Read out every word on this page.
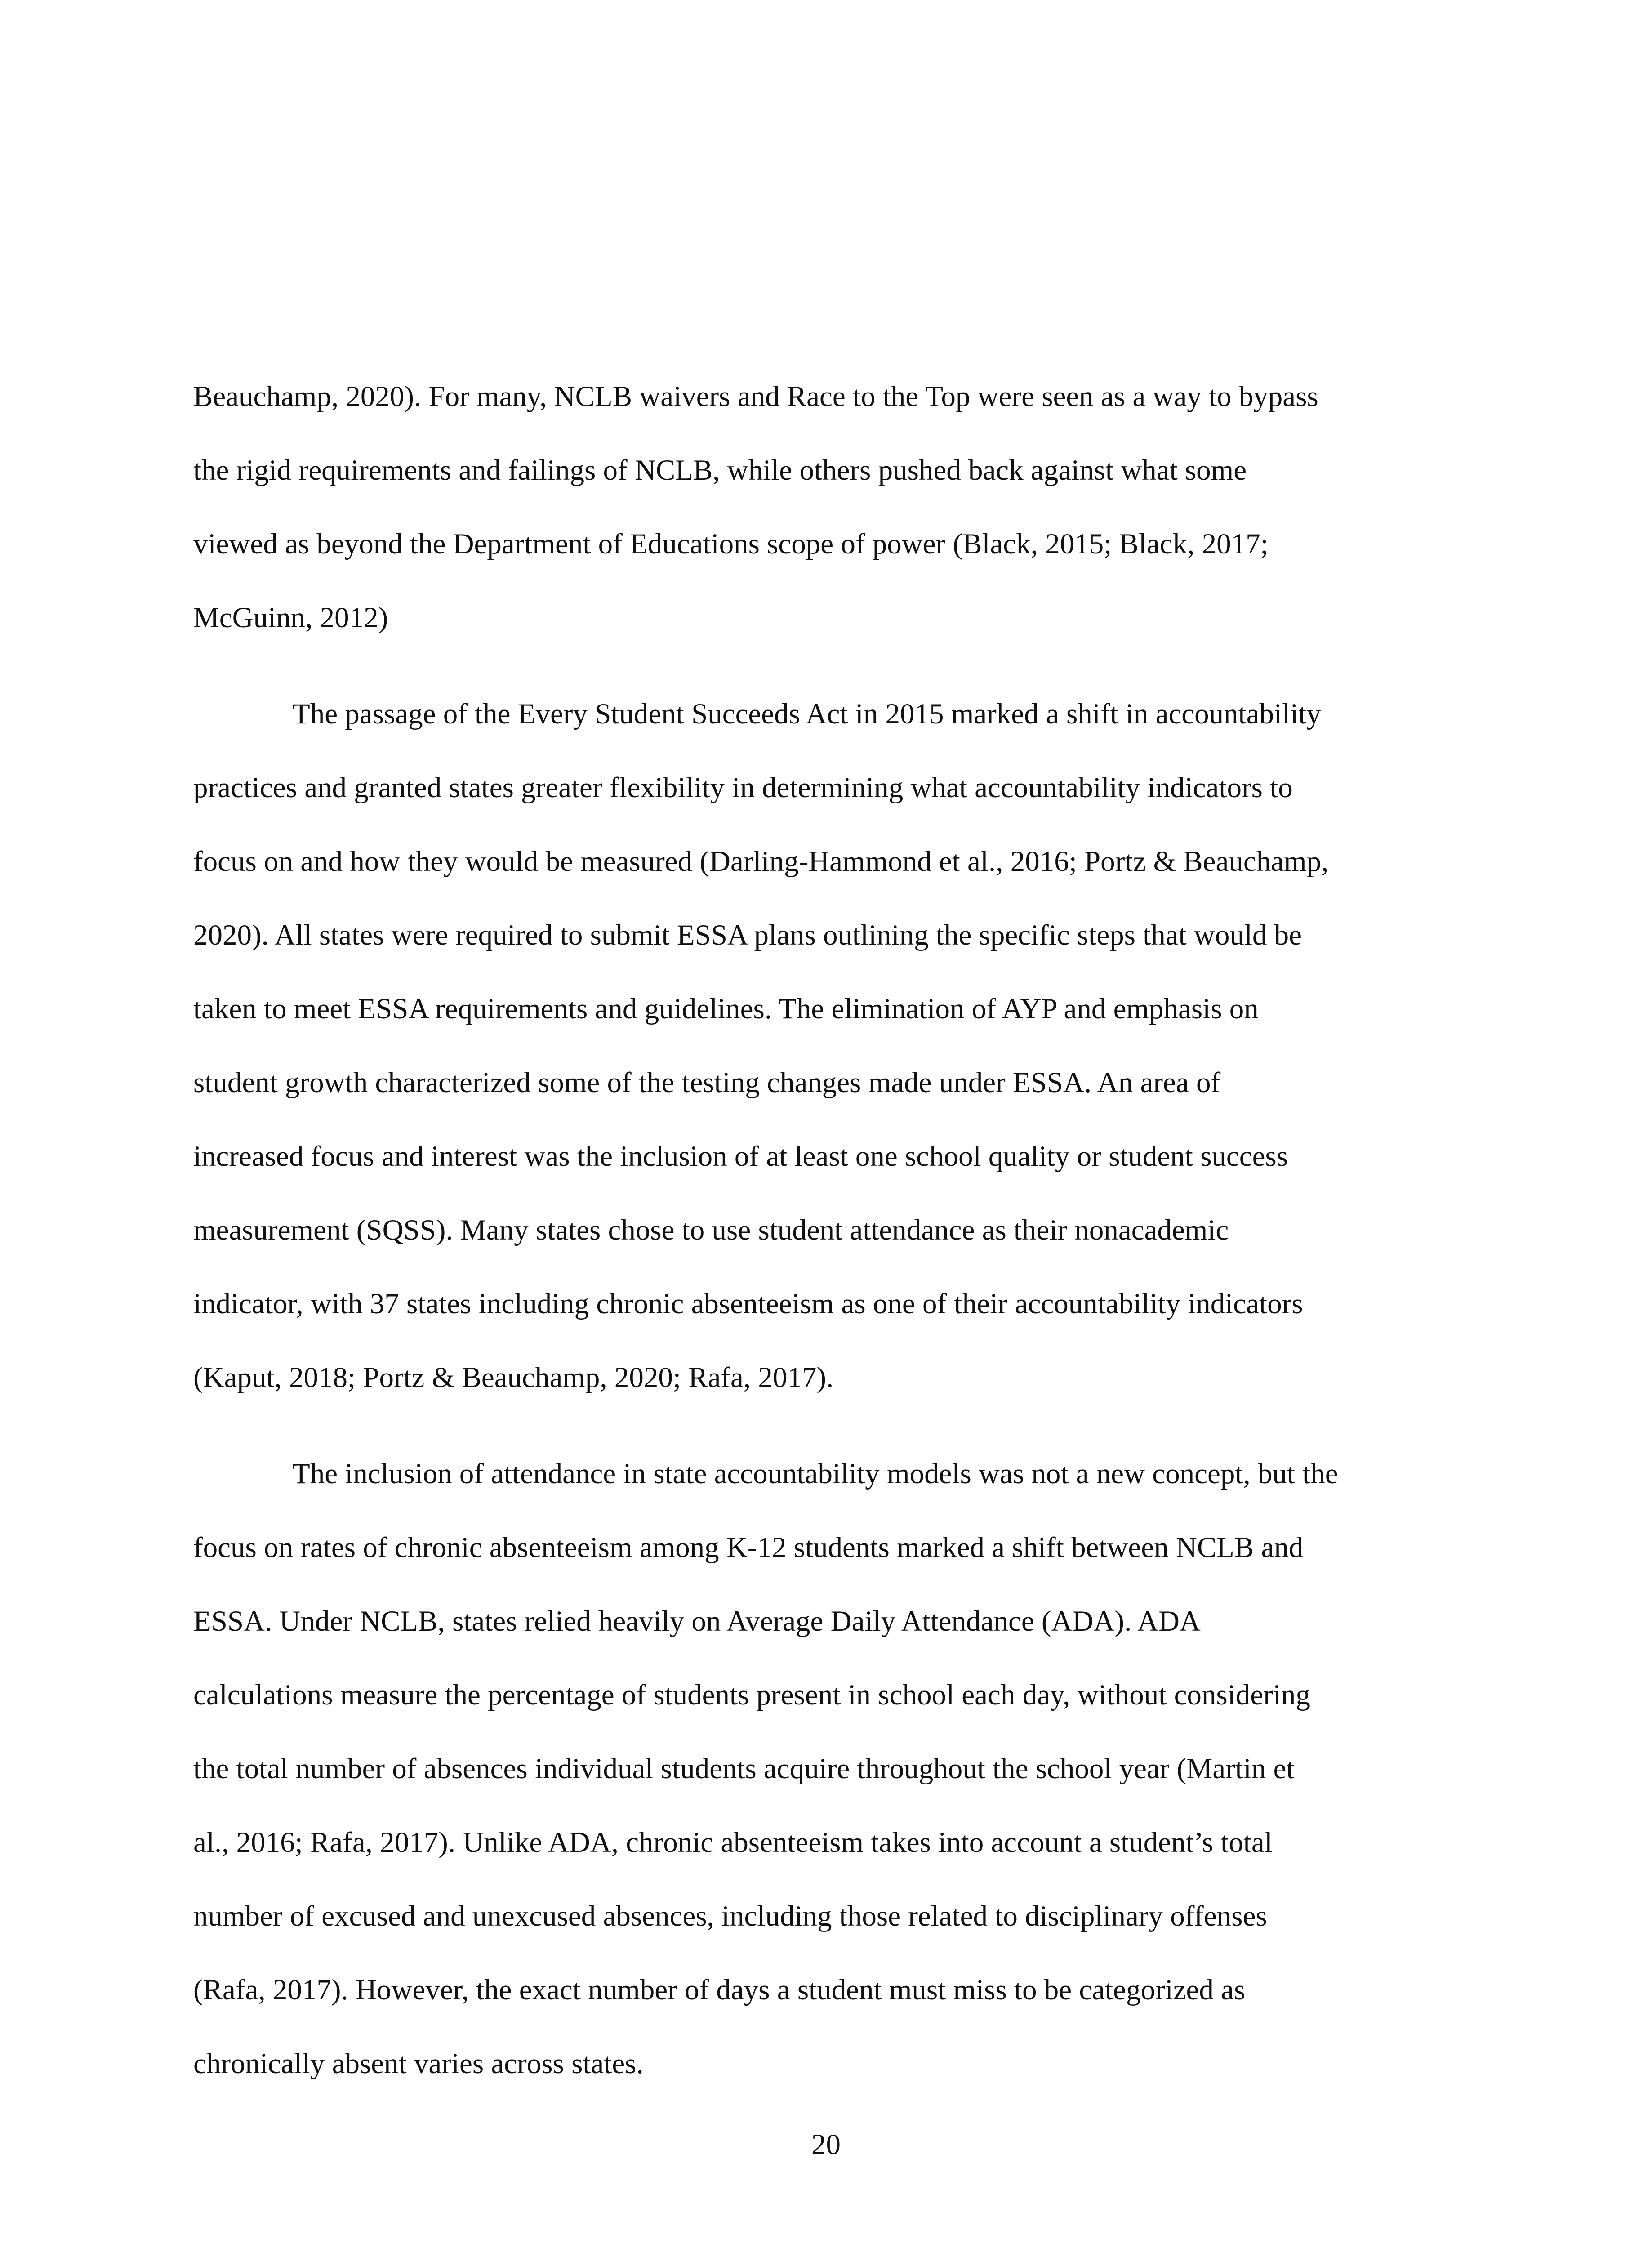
Beauchamp, 2020). For many, NCLB waivers and Race to the Top were seen as a way to bypass
the rigid requirements and failings of NCLB, while others pushed back against what some
viewed as beyond the Department of Educations scope of power (Black, 2015; Black, 2017;
McGuinn, 2012)
The passage of the Every Student Succeeds Act in 2015 marked a shift in accountability
practices and granted states greater flexibility in determining what accountability indicators to
focus on and how they would be measured (Darling-Hammond et al., 2016; Portz & Beauchamp,
2020). All states were required to submit ESSA plans outlining the specific steps that would be
taken to meet ESSA requirements and guidelines. The elimination of AYP and emphasis on
student growth characterized some of the testing changes made under ESSA. An area of
increased focus and interest was the inclusion of at least one school quality or student success
measurement (SQSS). Many states chose to use student attendance as their nonacademic
indicator, with 37 states including chronic absenteeism as one of their accountability indicators
(Kaput, 2018; Portz & Beauchamp, 2020; Rafa, 2017).
The inclusion of attendance in state accountability models was not a new concept, but the
focus on rates of chronic absenteeism among K-12 students marked a shift between NCLB and
ESSA. Under NCLB, states relied heavily on Average Daily Attendance (ADA). ADA
calculations measure the percentage of students present in school each day, without considering
the total number of absences individual students acquire throughout the school year (Martin et
al., 2016; Rafa, 2017). Unlike ADA, chronic absenteeism takes into account a student’s total
number of excused and unexcused absences, including those related to disciplinary offenses
(Rafa, 2017). However, the exact number of days a student must miss to be categorized as
chronically absent varies across states.
20
